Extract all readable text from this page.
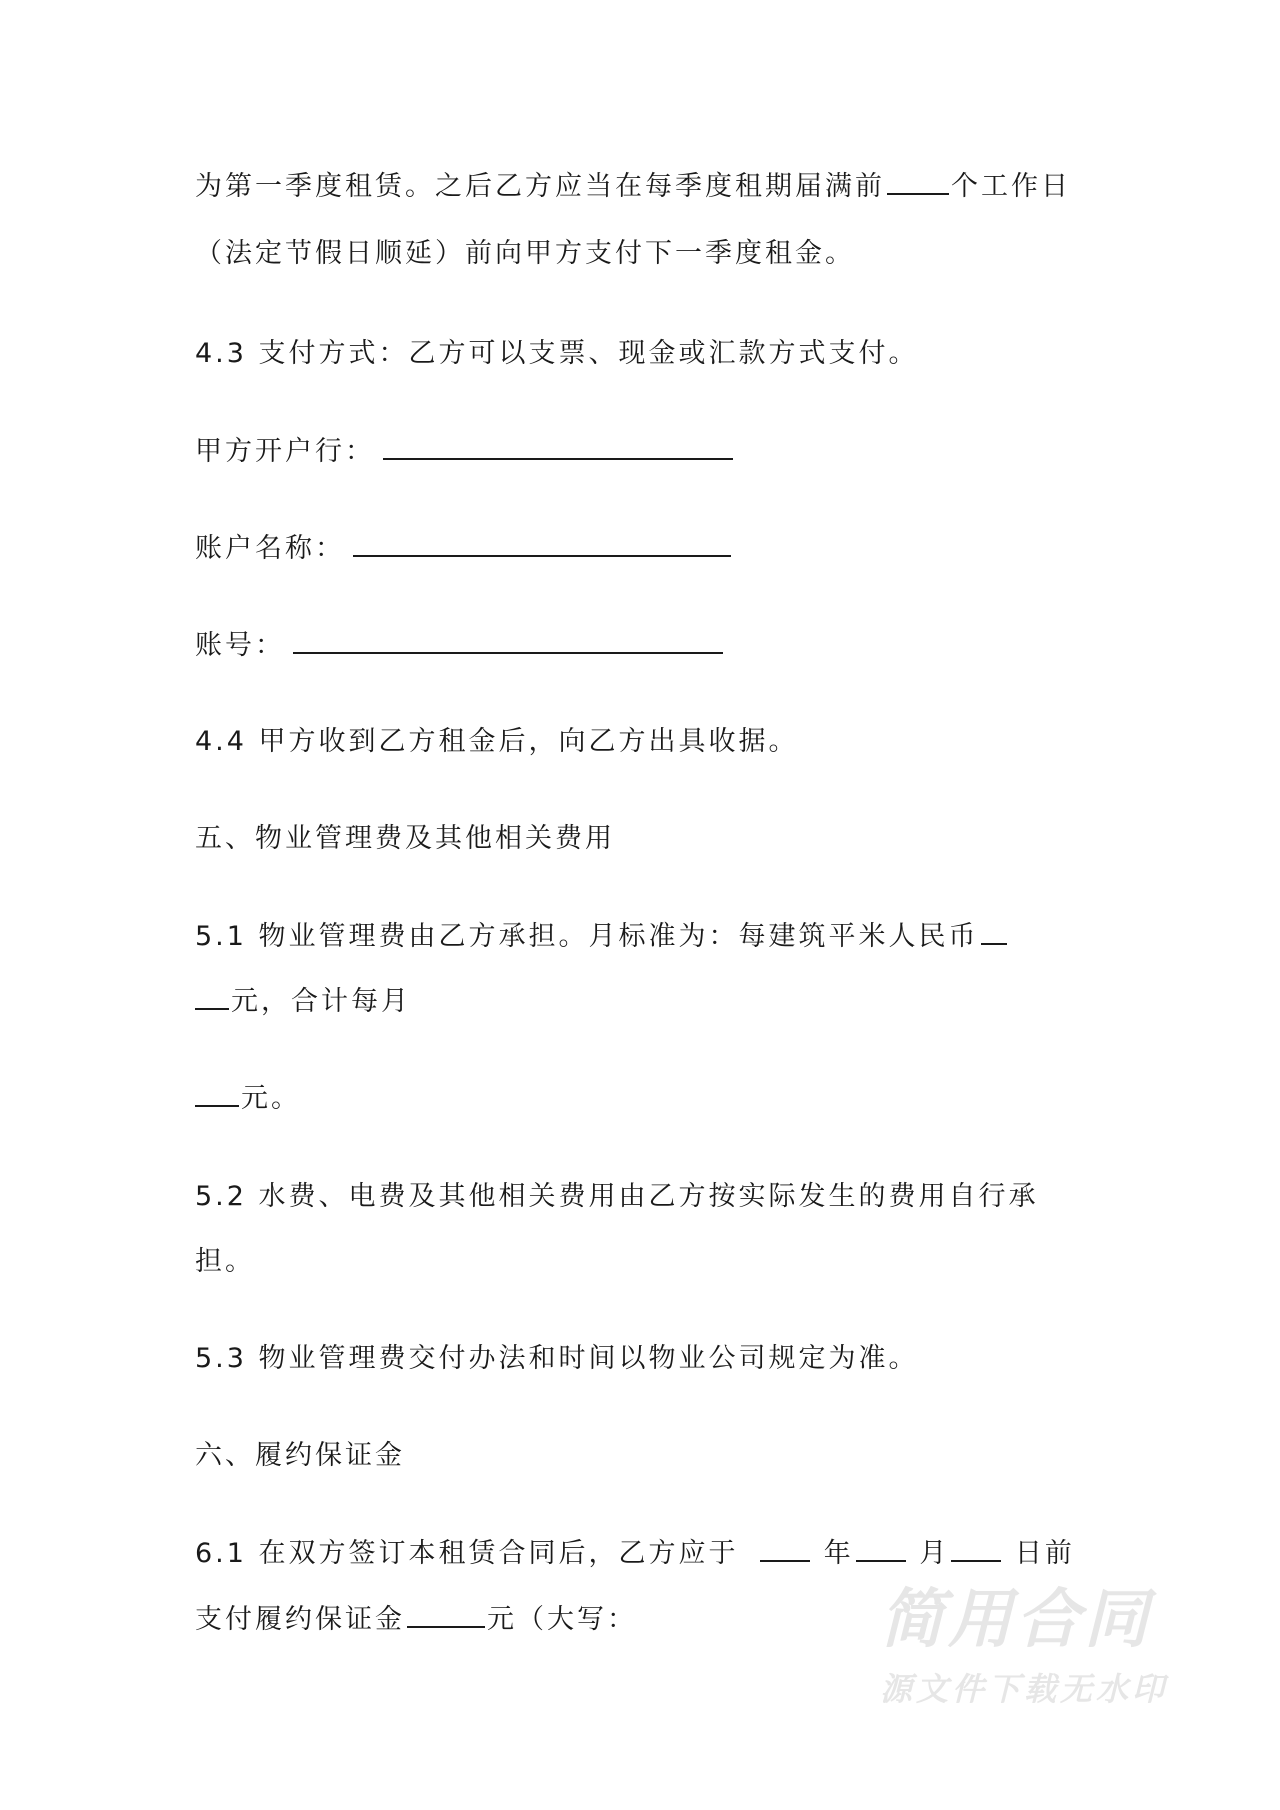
为第一季度租赁。之后乙方应当在每季度租期届满前 个工作日
（法定节假日顺延）前向甲方支付下一季度租金。
4.3 支付方式：乙方可以支票、现金或汇款方式支付。
甲方开户行：
账户名称：
账号：
4.4 甲方收到乙方租金后，向乙方出具收据。
五、物业管理费及其他相关费用
5.1 物业管理费由乙方承担。月标准为：每建筑平米人民币
元，合计每月
元。
5.2 水费、电费及其他相关费用由乙方按实际发生的费用自行承
担。
5.3 物业管理费交付办法和时间以物业公司规定为准。
六、履约保证金
6.1 在双方签订本租赁合同后，乙方应于	年 月 日前
支付履约保证金	元（大写：	简用合同
源文件下载无水印
